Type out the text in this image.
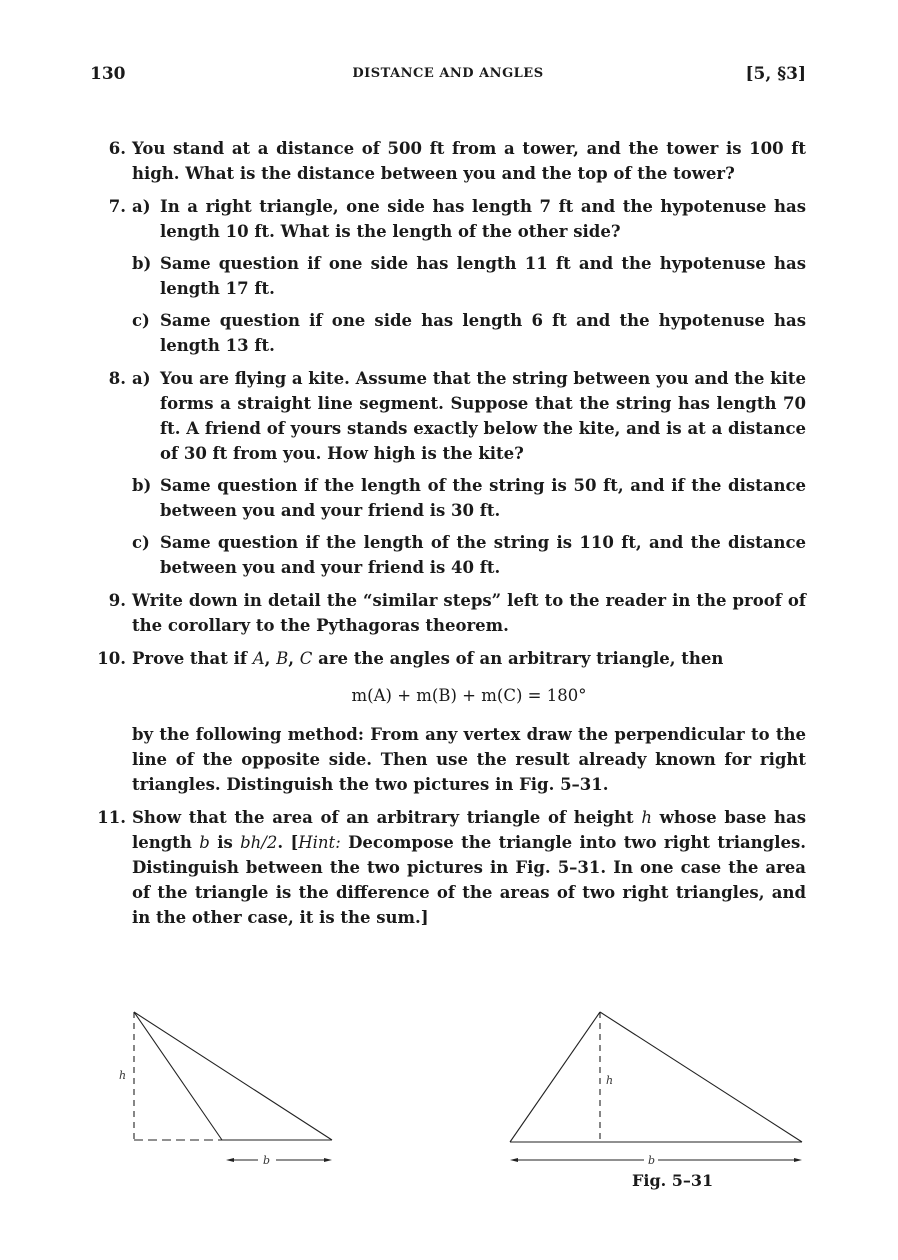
130	DISTANCE AND ANGLES	[5, §3]
6. You stand at a distance of 500 ft from a tower, and the tower is 100 ft high. What is the distance between you and the top of the tower?
7. a) In a right triangle, one side has length 7 ft and the hypotenuse has length 10 ft. What is the length of the other side?
b) Same question if one side has length 11 ft and the hypotenuse has length 17 ft.
c) Same question if one side has length 6 ft and the hypotenuse has length 13 ft.
8. a) You are flying a kite. Assume that the string between you and the kite forms a straight line segment. Suppose that the string has length 70 ft. A friend of yours stands exactly below the kite, and is at a distance of 30 ft from you. How high is the kite?
b) Same question if the length of the string is 50 ft, and if the distance between you and your friend is 30 ft.
c) Same question if the length of the string is 110 ft, and the distance between you and your friend is 40 ft.
9. Write down in detail the “similar steps” left to the reader in the proof of the corollary to the Pythagoras theorem.
10. Prove that if A, B, C are the angles of an arbitrary triangle, then
m(A) + m(B) + m(C) = 180°
by the following method: From any vertex draw the perpendicular to the line of the opposite side. Then use the result already known for right triangles. Distinguish the two pictures in Fig. 5–31.
11. Show that the area of an arbitrary triangle of height h whose base has length b is bh/2. [Hint: Decompose the triangle into two right triangles. Distinguish between the two pictures in Fig. 5–31. In one case the area of the triangle is the difference of the areas of two right triangles, and in the other case, it is the sum.]
h
b
h
b
Fig. 5–31
